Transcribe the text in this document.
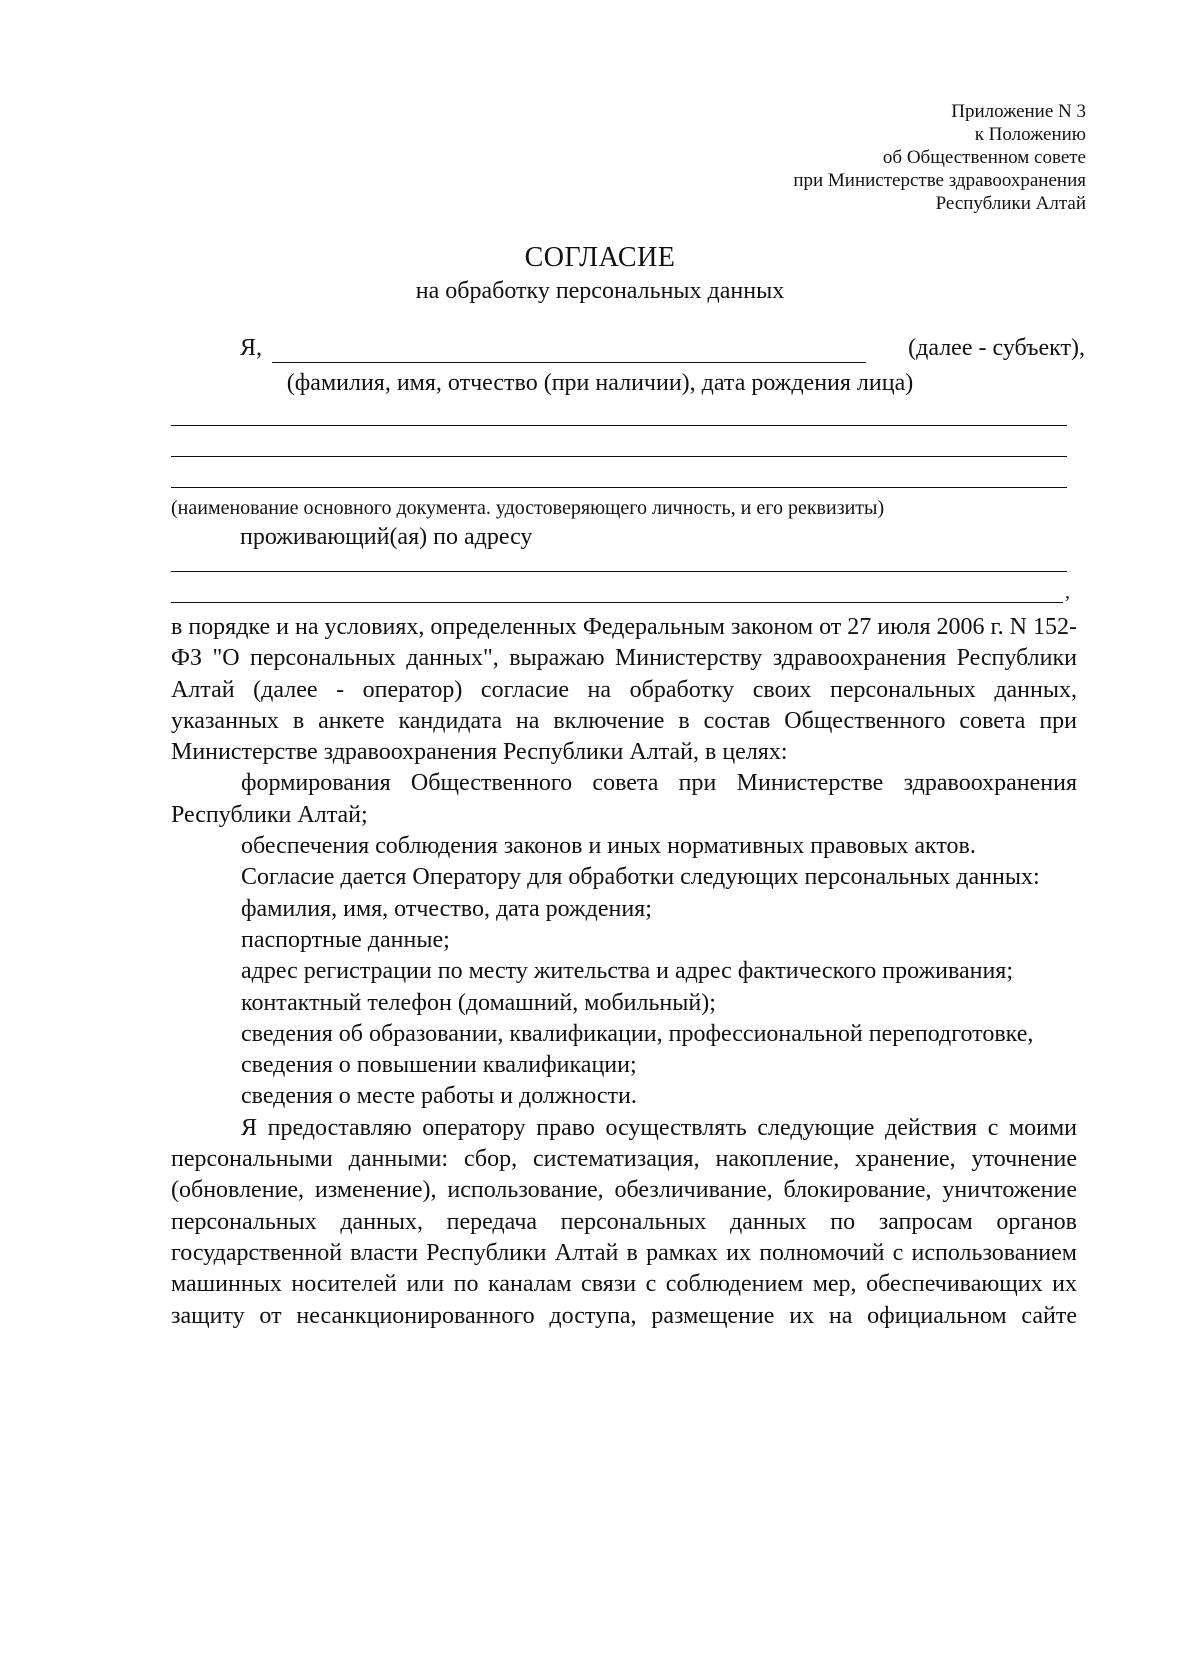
Приложение N 3
к Положению
об Общественном совете
при Министерстве здравоохранения
Республики Алтай
СОГЛАСИЕ
на обработку персональных данных
Я,	(далее - субъект),
(фамилия, имя, отчество (при наличии), дата рождения лица)
(наименование основного документа. удостоверяющего личность, и его реквизиты)
проживающий(ая) по адресу
,

в порядке и на условиях, определенных Федеральным законом от 27 июля 2006 г. N 152-ФЗ "О персональных данных", выражаю Министерству здравоохранения Республики Алтай (далее - оператор) согласие на обработку своих персональных данных, указанных в анкете кандидата на включение в состав Общественного совета при Министерстве здравоохранения Республики Алтай, в целях:

формирования Общественного совета при Министерстве здравоохранения Республики Алтай;

обеспечения соблюдения законов и иных нормативных правовых актов.

Согласие дается Оператору для обработки следующих персональных данных:

фамилия, имя, отчество, дата рождения;

паспортные данные;

адрес регистрации по месту жительства и адрес фактического проживания;

контактный телефон (домашний, мобильный);

сведения об образовании, квалификации, профессиональной переподготовке,

сведения о повышении квалификации;

сведения о месте работы и должности.

Я предоставляю оператору право осуществлять следующие действия с моими персональными данными: сбор, систематизация, накопление, хранение, уточнение (обновление, изменение), использование, обезличивание, блокирование, уничтожение персональных данных, передача персональных данных по запросам органов государственной власти Республики Алтай в рамках их полномочий с использованием машинных носителей или по каналам связи с соблюдением мер, обеспечивающих их защиту от несанкционированного доступа, размещение их на официальном сайте
